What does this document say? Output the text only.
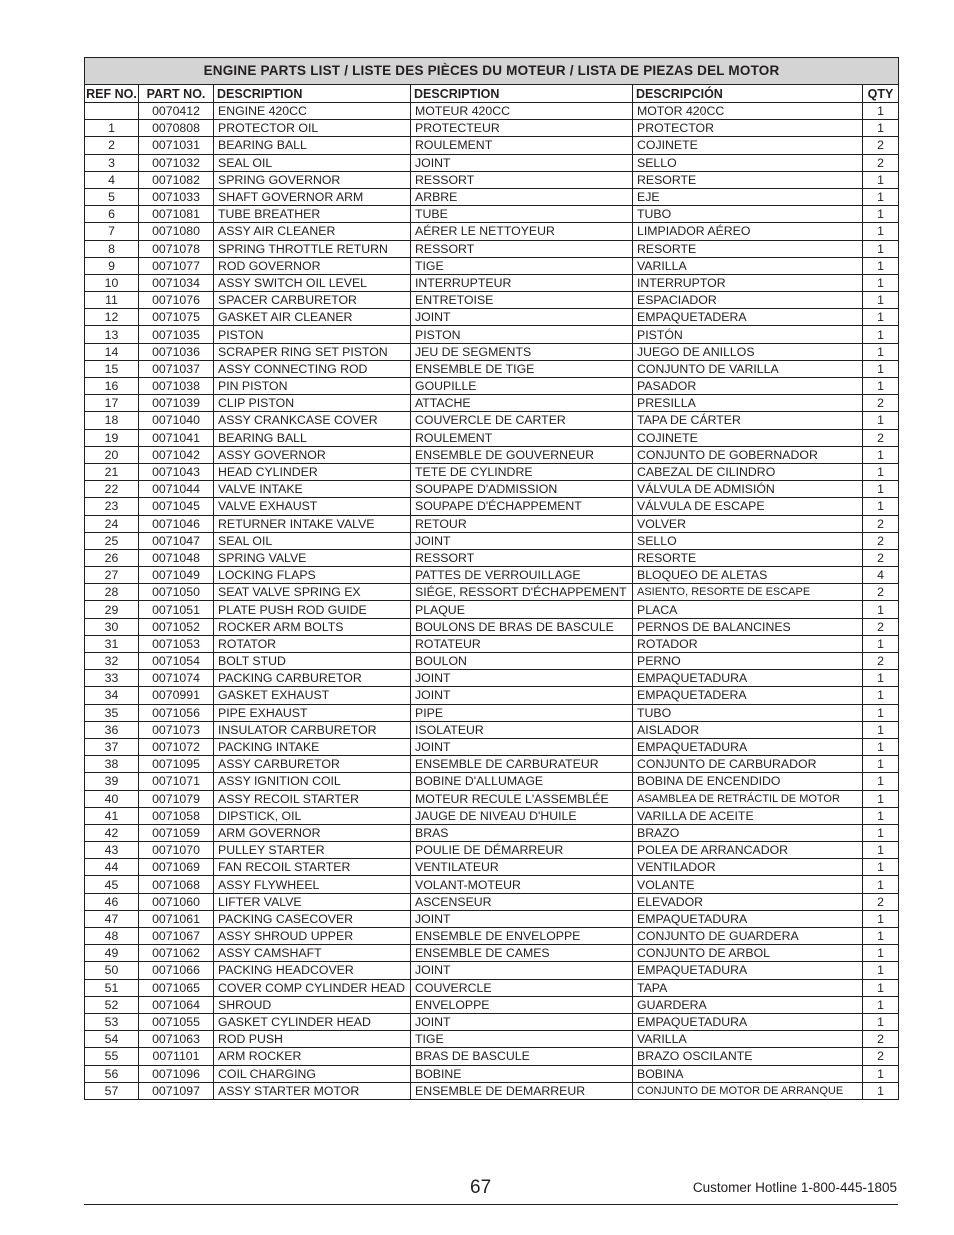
ENGINE PARTS LIST / LISTE DES PIÈCES DU MOTEUR / LISTA DE PIEZAS DEL MOTOR					
REF NO.	PART NO.	DESCRIPTION	DESCRIPTION	DESCRIPCIÓN	QTY
	0070412	ENGINE 420CC	MOTEUR 420CC	MOTOR 420CC	1
1	0070808	PROTECTOR OIL	PROTECTEUR	PROTECTOR	1
2	0071031	BEARING BALL	ROULEMENT	COJINETE	2
3	0071032	SEAL OIL	JOINT	SELLO	2
4	0071082	SPRING GOVERNOR	RESSORT	RESORTE	1
5	0071033	SHAFT GOVERNOR ARM	ARBRE	EJE	1
6	0071081	TUBE BREATHER	TUBE	TUBO	1
7	0071080	ASSY AIR CLEANER	AÉRER LE NETTOYEUR	LIMPIADOR AÉREO	1
8	0071078	SPRING THROTTLE RETURN	RESSORT	RESORTE	1
9	0071077	ROD GOVERNOR	TIGE	VARILLA	1
10	0071034	ASSY SWITCH OIL LEVEL	INTERRUPTEUR	INTERRUPTOR	1
11	0071076	SPACER CARBURETOR	ENTRETOISE	ESPACIADOR	1
12	0071075	GASKET AIR CLEANER	JOINT	EMPAQUETADERA	1
13	0071035	PISTON	PISTON	PISTÓN	1
14	0071036	SCRAPER RING SET PISTON	JEU DE SEGMENTS	JUEGO DE ANILLOS	1
15	0071037	ASSY CONNECTING ROD	ENSEMBLE DE TIGE	CONJUNTO DE VARILLA	1
16	0071038	PIN PISTON	GOUPILLE	PASADOR	1
17	0071039	CLIP PISTON	ATTACHE	PRESILLA	2
18	0071040	ASSY CRANKCASE COVER	COUVERCLE DE CARTER	TAPA DE CÁRTER	1
19	0071041	BEARING BALL	ROULEMENT	COJINETE	2
20	0071042	ASSY GOVERNOR	ENSEMBLE DE GOUVERNEUR	CONJUNTO DE GOBERNADOR	1
21	0071043	HEAD CYLINDER	TETE DE CYLINDRE	CABEZAL DE CILINDRO	1
22	0071044	VALVE INTAKE	SOUPAPE D'ADMISSION	VÁLVULA DE ADMISIÓN	1
23	0071045	VALVE EXHAUST	SOUPAPE D'ÉCHAPPEMENT	VÁLVULA DE ESCAPE	1
24	0071046	RETURNER INTAKE VALVE	RETOUR	VOLVER	2
25	0071047	SEAL OIL	JOINT	SELLO	2
26	0071048	SPRING VALVE	RESSORT	RESORTE	2
27	0071049	LOCKING FLAPS	PATTES DE VERROUILLAGE	BLOQUEO DE ALETAS	4
28	0071050	SEAT VALVE SPRING EX	SIÉGE, RESSORT D'ÉCHAPPEMENT	ASIENTO, RESORTE DE ESCAPE	2
29	0071051	PLATE PUSH ROD GUIDE	PLAQUE	PLACA	1
30	0071052	ROCKER ARM BOLTS	BOULONS DE BRAS DE BASCULE	PERNOS DE BALANCINES	2
31	0071053	ROTATOR	ROTATEUR	ROTADOR	1
32	0071054	BOLT STUD	BOULON	PERNO	2
33	0071074	PACKING CARBURETOR	JOINT	EMPAQUETADURA	1
34	0070991	GASKET EXHAUST	JOINT	EMPAQUETADERA	1
35	0071056	PIPE EXHAUST	PIPE	TUBO	1
36	0071073	INSULATOR CARBURETOR	ISOLATEUR	AISLADOR	1
37	0071072	PACKING INTAKE	JOINT	EMPAQUETADURA	1
38	0071095	ASSY CARBURETOR	ENSEMBLE DE CARBURATEUR	CONJUNTO DE CARBURADOR	1
39	0071071	ASSY IGNITION COIL	BOBINE D'ALLUMAGE	BOBINA DE ENCENDIDO	1
40	0071079	ASSY RECOIL STARTER	MOTEUR RECULE L'ASSEMBLÉE	ASAMBLEA DE RETRÁCTIL DE MOTOR	1
41	0071058	DIPSTICK, OIL	JAUGE DE NIVEAU D'HUILE	VARILLA DE ACEITE	1
42	0071059	ARM GOVERNOR	BRAS	BRAZO	1
43	0071070	PULLEY STARTER	POULIE DE DÉMARREUR	POLEA DE ARRANCADOR	1
44	0071069	FAN RECOIL STARTER	VENTILATEUR	VENTILADOR	1
45	0071068	ASSY FLYWHEEL	VOLANT-MOTEUR	VOLANTE	1
46	0071060	LIFTER VALVE	ASCENSEUR	ELEVADOR	2
47	0071061	PACKING CASECOVER	JOINT	EMPAQUETADURA	1
48	0071067	ASSY SHROUD UPPER	ENSEMBLE DE ENVELOPPE	CONJUNTO DE GUARDERA	1
49	0071062	ASSY CAMSHAFT	ENSEMBLE DE CAMES	CONJUNTO DE ARBOL	1
50	0071066	PACKING HEADCOVER	JOINT	EMPAQUETADURA	1
51	0071065	COVER COMP CYLINDER HEAD	COUVERCLE	TAPA	1
52	0071064	SHROUD	ENVELOPPE	GUARDERA	1
53	0071055	GASKET CYLINDER HEAD	JOINT	EMPAQUETADURA	1
54	0071063	ROD PUSH	TIGE	VARILLA	2
55	0071101	ARM ROCKER	BRAS DE BASCULE	BRAZO OSCILANTE	2
56	0071096	COIL CHARGING	BOBINE	BOBINA	1
57	0071097	ASSY STARTER MOTOR	ENSEMBLE DE DEMARREUR	CONJUNTO DE MOTOR DE ARRANQUE	1
67	Customer Hotline 1-800-445-1805
